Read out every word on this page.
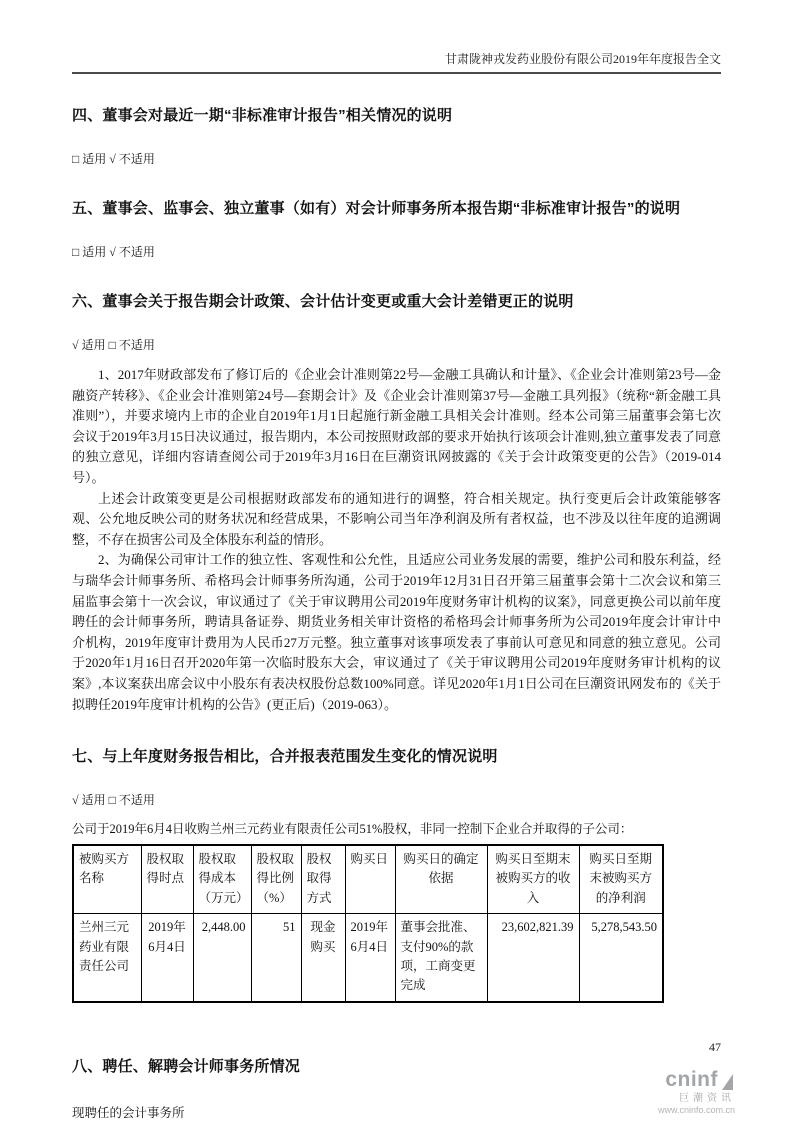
甘肃陇神戎发药业股份有限公司2019年年度报告全文
四、董事会对最近一期“非标准审计报告”相关情况的说明
□ 适用 √ 不适用
五、董事会、监事会、独立董事（如有）对会计师事务所本报告期“非标准审计报告”的说明
□ 适用 √ 不适用
六、董事会关于报告期会计政策、会计估计变更或重大会计差错更正的说明
√ 适用 □ 不适用

1、2017年财政部发布了修订后的《企业会计准则第22号—金融工具确认和计量》、《企业会计准则第23号—金融资产转移》、《企业会计准则第24号—套期会计》及《企业会计准则第37号—金融工具列报》（统称“新金融工具准则”），并要求境内上市的企业自2019年1月1日起施行新金融工具相关会计准则。经本公司第三届董事会第七次会议于2019年3月15日决议通过，报告期内，本公司按照财政部的要求开始执行该项会计准则,独立董事发表了同意的独立意见，详细内容请查阅公司于2019年3月16日在巨潮资讯网披露的《关于会计政策变更的公告》（2019-014号）。

上述会计政策变更是公司根据财政部发布的通知进行的调整，符合相关规定。执行变更后会计政策能够客观、公允地反映公司的财务状况和经营成果，不影响公司当年净利润及所有者权益，也不涉及以往年度的追溯调整，不存在损害公司及全体股东利益的情形。

2、为确保公司审计工作的独立性、客观性和公允性，且适应公司业务发展的需要，维护公司和股东利益，经与瑞华会计师事务所、希格玛会计师事务所沟通，公司于2019年12月31日召开第三届董事会第十二次会议和第三届监事会第十一次会议，审议通过了《关于审议聘用公司2019年度财务审计机构的议案》，同意更换公司以前年度聘任的会计师事务所，聘请具备证券、期货业务相关审计资格的希格玛会计师事务所为公司2019年度会计审计中介机构，2019年度审计费用为人民币27万元整。独立董事对该事项发表了事前认可意见和同意的独立意见。公司于2020年1月16日召开2020年第一次临时股东大会，审议通过了《关于审议聘用公司2019年度财务审计机构的议案》,本议案获出席会议中小股东有表决权股份总数100%同意。详见2020年1月1日公司在巨潮资讯网发布的《关于拟聘任2019年度审计机构的公告》(更正后)（2019-063）。

七、与上年度财务报告相比，合并报表范围发生变化的情况说明
√ 适用 □ 不适用
公司于2019年6月4日收购兰州三元药业有限责任公司51%股权，非同一控制下企业合并取得的子公司：
被购买方名称	股权取得时点	股权取得成本（万元）	股权取得比例（%）	股权取得方式	购买日	购买日的确定依据	购买日至期末被购买方的收入	购买日至期末被购买方的净利润
兰州三元药业有限责任公司	2019年6月4日	2,448.00	51	现金购买	2019年6月4日	董事会批准、支付90%的款项，工商变更完成	23,602,821.39	5,278,543.50
八、聘任、解聘会计师事务所情况
现聘任的会计事务所
47
cninf
巨潮资讯
www.cninfo.com.cn
